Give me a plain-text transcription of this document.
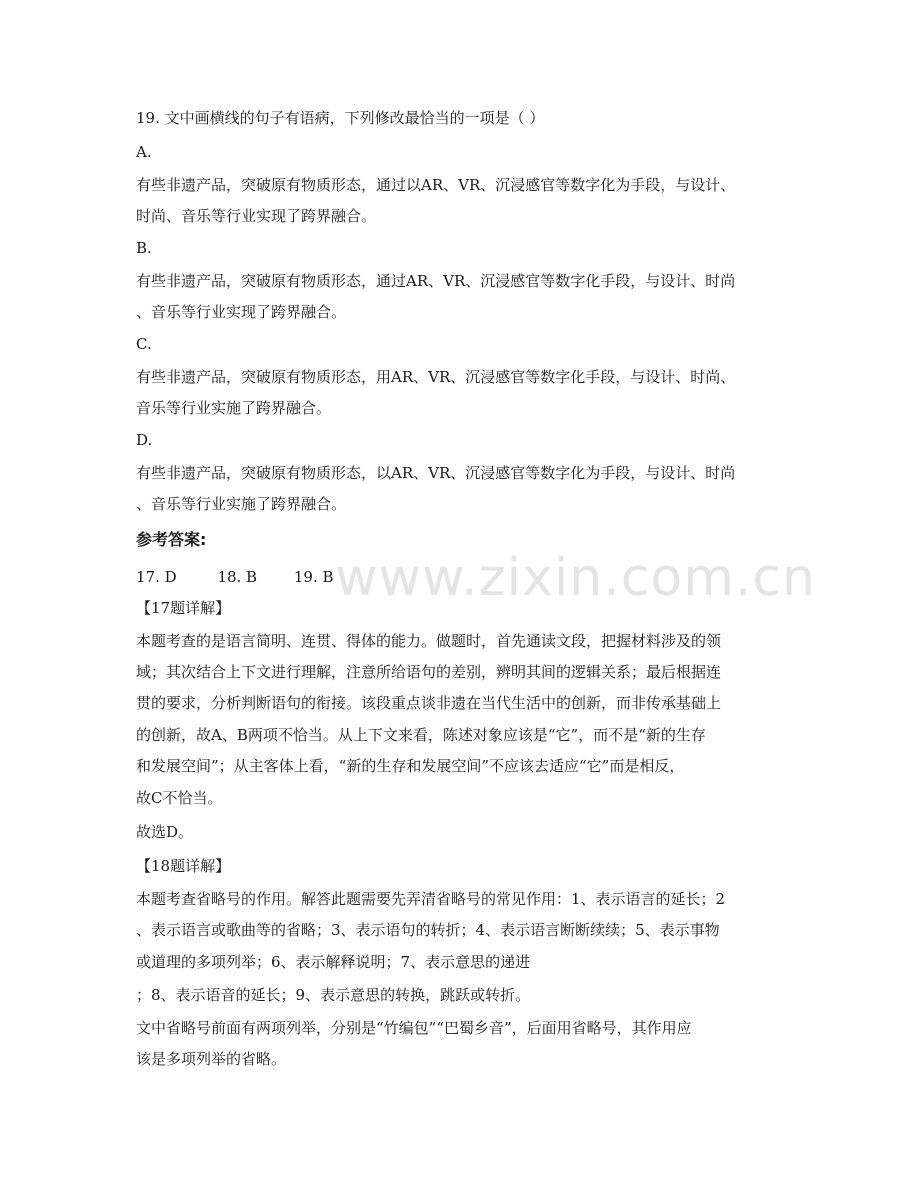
www.zixin.com.cn
19. 文中画横线的句子有语病，下列修改最恰当的一项是（ ）
A.
有些非遗产品，突破原有物质形态，通过以AR、VR、沉浸感官等数字化为手段，与设计、
时尚、音乐等行业实现了跨界融合。
B.
有些非遗产品，突破原有物质形态，通过AR、VR、沉浸感官等数字化手段，与设计、时尚
、音乐等行业实现了跨界融合。
C.
有些非遗产品，突破原有物质形态，用AR、VR、沉浸感官等数字化手段，与设计、时尚、
音乐等行业实施了跨界融合。
D.
有些非遗产品，突破原有物质形态，以AR、VR、沉浸感官等数字化为手段，与设计、时尚
、音乐等行业实施了跨界融合。
参考答案:
17. D	18. B 19. B
【17题详解】
本题考查的是语言简明、连贯、得体的能力。做题时，首先通读文段，把握材料涉及的领
域；其次结合上下文进行理解，注意所给语句的差别，辨明其间的逻辑关系；最后根据连
贯的要求，分析判断语句的衔接。该段重点谈非遗在当代生活中的创新，而非传承基础上
的创新，故A、B两项不恰当。从上下文来看，陈述对象应该是“它”，而不是“新的生存
和发展空间”；从主客体上看，“新的生存和发展空间”不应该去适应“它”而是相反，
故C不恰当。
故选D。
【18题详解】
本题考查省略号的作用。解答此题需要先弄清省略号的常见作用：1、表示语言的延长；2
、表示语言或歌曲等的省略；3、表示语句的转折；4、表示语言断断续续；5、表示事物
或道理的多项列举；6、表示解释说明；7、表示意思的递进
；8、表示语音的延长；9、表示意思的转换，跳跃或转折。
文中省略号前面有两项列举，分别是“竹编包”“巴蜀乡音”，后面用省略号，其作用应
该是多项列举的省略。
